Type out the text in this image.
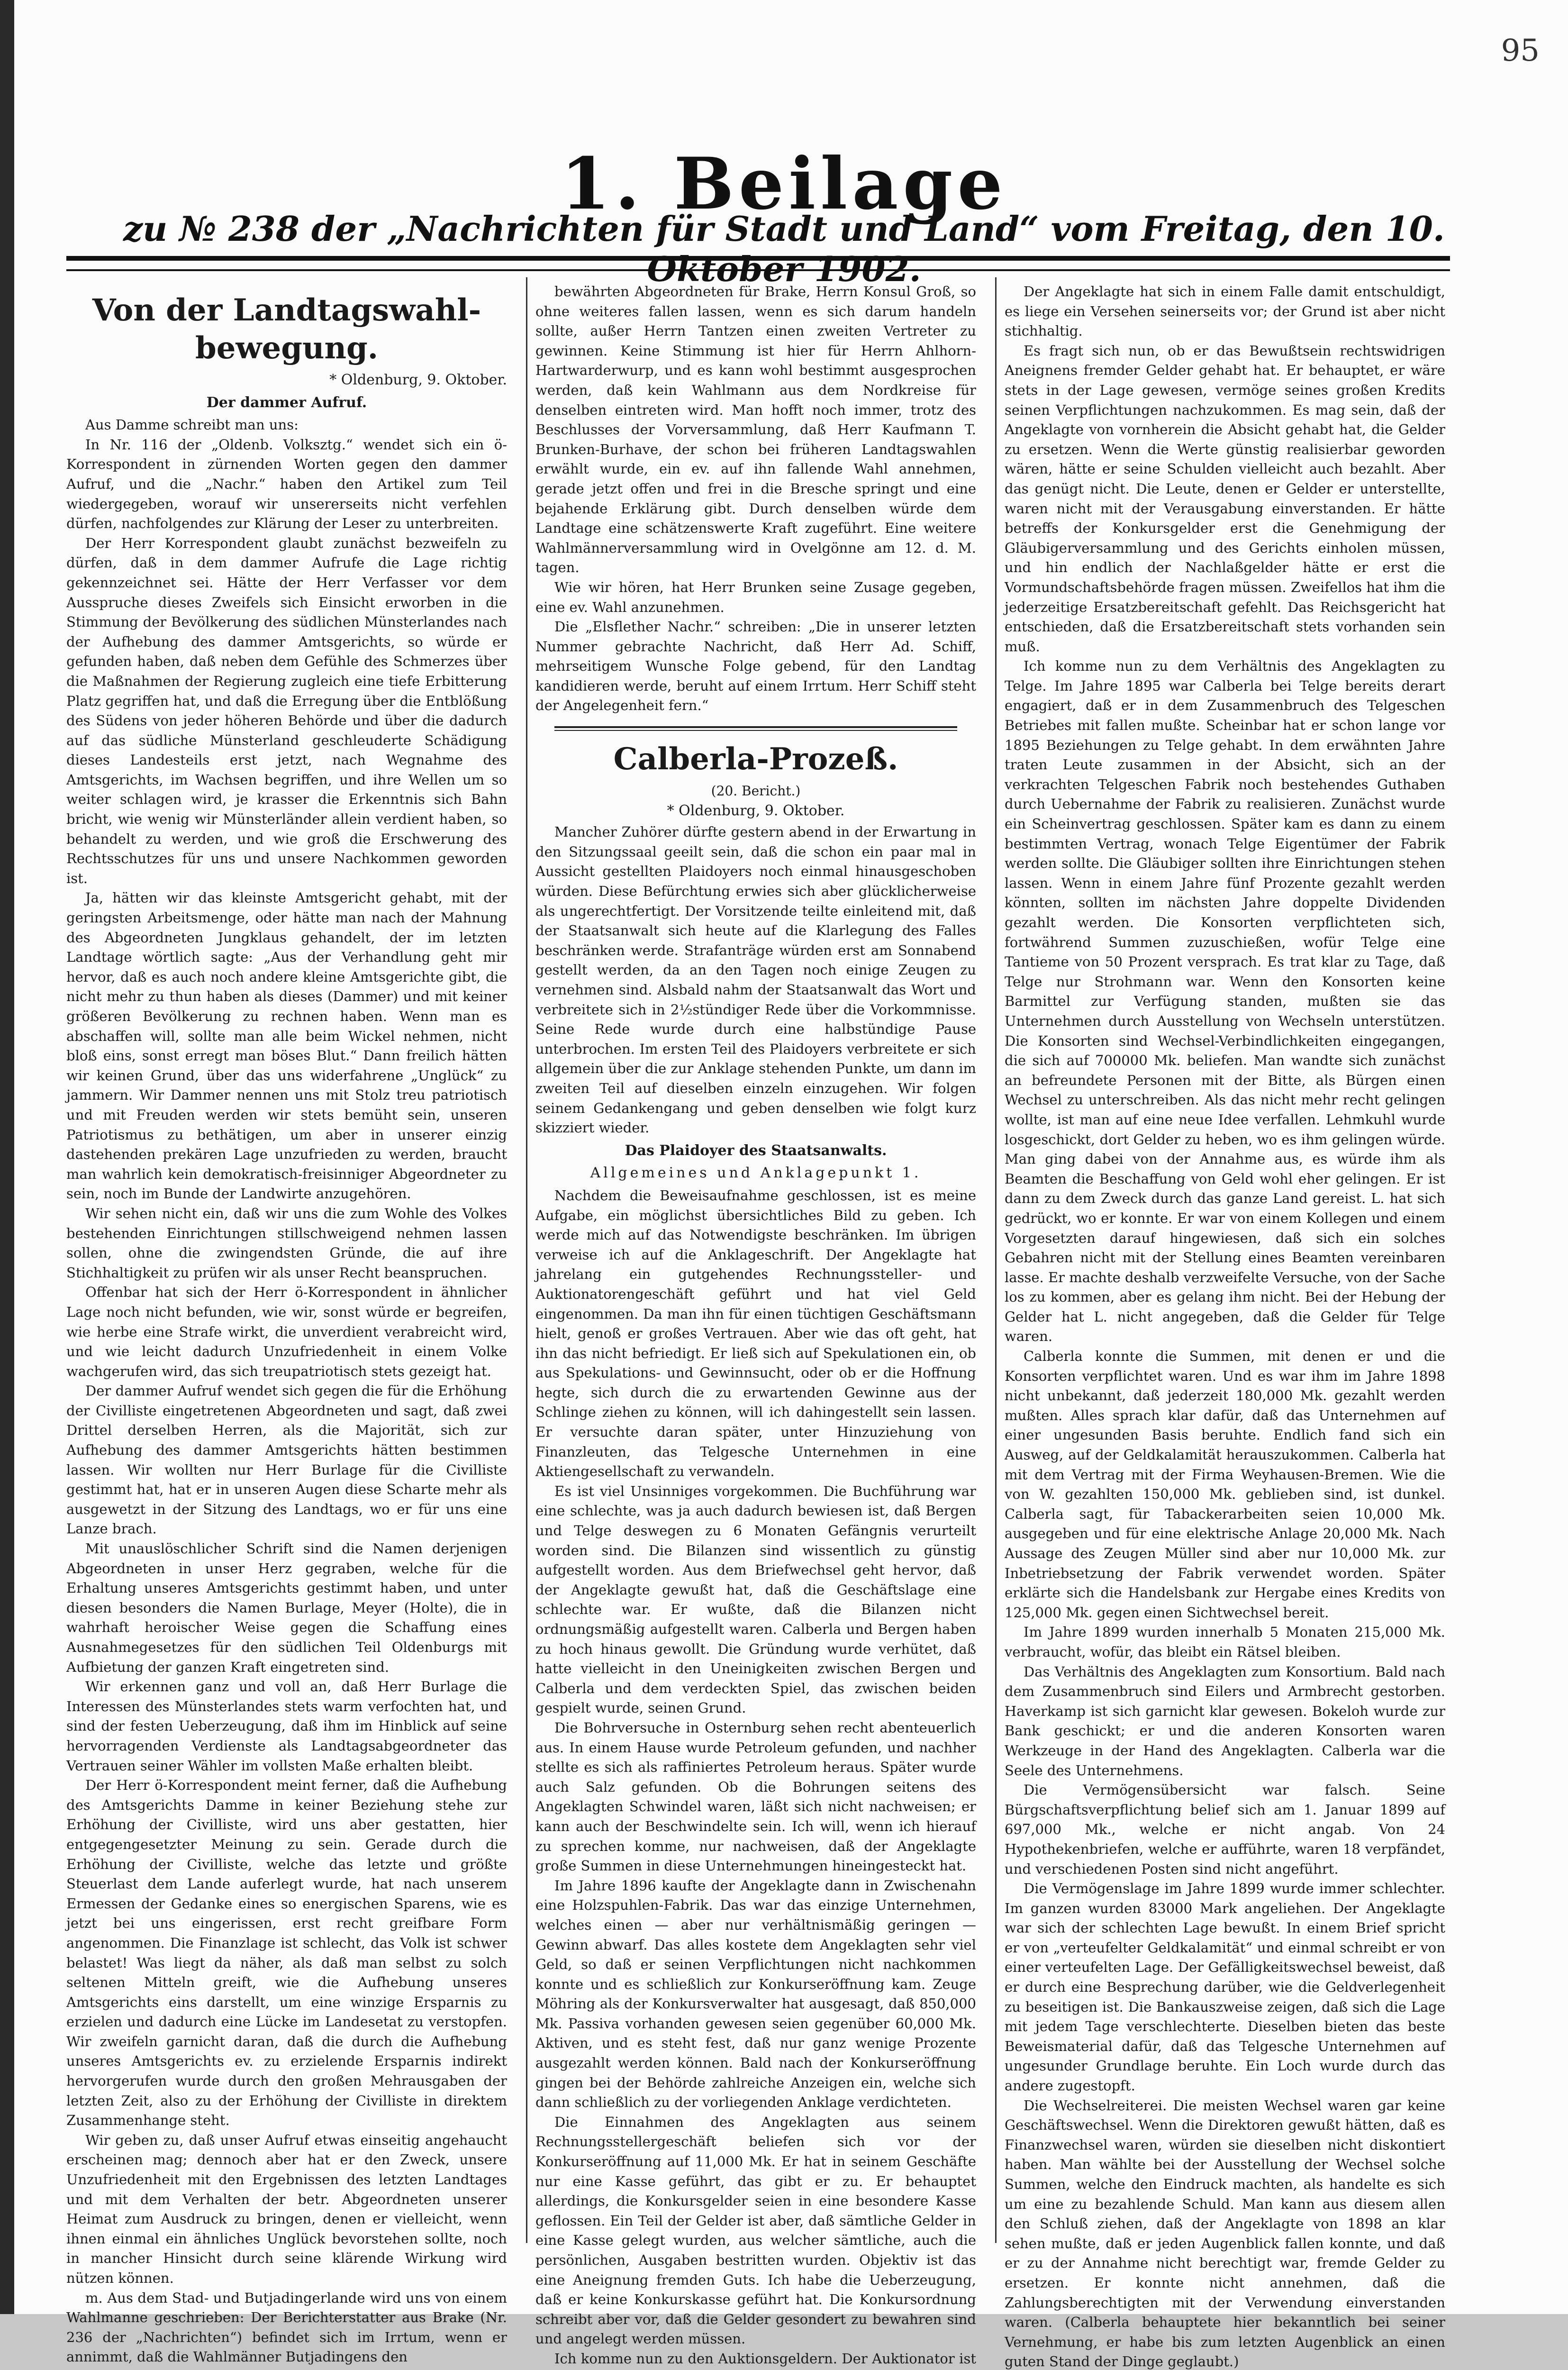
95
1. Beilage
zu № 238 der „Nachrichten für Stadt und Land“ vom Freitag, den 10. Oktober 1902.
Von der Landtagswahl-bewegung.
* Oldenburg, 9. Oktober.
Der dammer Aufruf.

Aus Damme schreibt man uns:

In Nr. 116 der „Oldenb. Volksztg.“ wendet sich ein ö-Korrespondent in zürnenden Worten gegen den dammer Aufruf, und die „Nachr.“ haben den Artikel zum Teil wiedergegeben, worauf wir unsererseits nicht verfehlen dürfen, nachfolgendes zur Klärung der Leser zu unterbreiten.

Der Herr Korrespondent glaubt zunächst bezweifeln zu dürfen, daß in dem dammer Aufrufe die Lage richtig gekennzeichnet sei. Hätte der Herr Verfasser vor dem Ausspruche dieses Zweifels sich Einsicht erworben in die Stimmung der Bevölkerung des südlichen Münsterlandes nach der Aufhebung des dammer Amtsgerichts, so würde er gefunden haben, daß neben dem Gefühle des Schmerzes über die Maßnahmen der Regierung zugleich eine tiefe Erbitterung Platz gegriffen hat, und daß die Erregung über die Entblößung des Südens von jeder höheren Behörde und über die dadurch auf das südliche Münsterland geschleuderte Schädigung dieses Landesteils erst jetzt, nach Wegnahme des Amtsgerichts, im Wachsen begriffen, und ihre Wellen um so weiter schlagen wird, je krasser die Erkenntnis sich Bahn bricht, wie wenig wir Münsterländer allein verdient haben, so behandelt zu werden, und wie groß die Erschwerung des Rechtsschutzes für uns und unsere Nachkommen geworden ist.

Ja, hätten wir das kleinste Amtsgericht gehabt, mit der geringsten Arbeitsmenge, oder hätte man nach der Mahnung des Abgeordneten Jungklaus gehandelt, der im letzten Landtage wörtlich sagte: „Aus der Verhandlung geht mir hervor, daß es auch noch andere kleine Amtsgerichte gibt, die nicht mehr zu thun haben als dieses (Dammer) und mit keiner größeren Bevölkerung zu rechnen haben. Wenn man es abschaffen will, sollte man alle beim Wickel nehmen, nicht bloß eins, sonst erregt man böses Blut.“ Dann freilich hätten wir keinen Grund, über das uns widerfahrene „Unglück“ zu jammern. Wir Dammer nennen uns mit Stolz treu patriotisch und mit Freuden werden wir stets bemüht sein, unseren Patriotismus zu bethätigen, um aber in unserer einzig dastehenden prekären Lage unzufrieden zu werden, braucht man wahrlich kein demokratisch-freisinniger Abgeordneter zu sein, noch im Bunde der Landwirte anzugehören.

Wir sehen nicht ein, daß wir uns die zum Wohle des Volkes bestehenden Einrichtungen stillschweigend nehmen lassen sollen, ohne die zwingendsten Gründe, die auf ihre Stichhaltigkeit zu prüfen wir als unser Recht beanspruchen.

Offenbar hat sich der Herr ö-Korrespondent in ähnlicher Lage noch nicht befunden, wie wir, sonst würde er begreifen, wie herbe eine Strafe wirkt, die unverdient verabreicht wird, und wie leicht dadurch Unzufriedenheit in einem Volke wachgerufen wird, das sich treupatriotisch stets gezeigt hat.

Der dammer Aufruf wendet sich gegen die für die Erhöhung der Civilliste eingetretenen Abgeordneten und sagt, daß zwei Drittel derselben Herren, als die Majorität, sich zur Aufhebung des dammer Amtsgerichts hätten bestimmen lassen. Wir wollten nur Herr Burlage für die Civilliste gestimmt hat, hat er in unseren Augen diese Scharte mehr als ausgewetzt in der Sitzung des Landtags, wo er für uns eine Lanze brach.

Mit unauslöschlicher Schrift sind die Namen derjenigen Abgeordneten in unser Herz gegraben, welche für die Erhaltung unseres Amtsgerichts gestimmt haben, und unter diesen besonders die Namen Burlage, Meyer (Holte), die in wahrhaft heroischer Weise gegen die Schaffung eines Ausnahmegesetzes für den südlichen Teil Oldenburgs mit Aufbietung der ganzen Kraft eingetreten sind.

Wir erkennen ganz und voll an, daß Herr Burlage die Interessen des Münsterlandes stets warm verfochten hat, und sind der festen Ueberzeugung, daß ihm im Hinblick auf seine hervorragenden Verdienste als Landtagsabgeordneter das Vertrauen seiner Wähler im vollsten Maße erhalten bleibt.

Der Herr ö-Korrespondent meint ferner, daß die Aufhebung des Amtsgerichts Damme in keiner Beziehung stehe zur Erhöhung der Civilliste, wird uns aber gestatten, hier entgegengesetzter Meinung zu sein. Gerade durch die Erhöhung der Civilliste, welche das letzte und größte Steuerlast dem Lande auferlegt wurde, hat nach unserem Ermessen der Gedanke eines so energischen Sparens, wie es jetzt bei uns eingerissen, erst recht greifbare Form angenommen. Die Finanzlage ist schlecht, das Volk ist schwer belastet! Was liegt da näher, als daß man selbst zu solch seltenen Mitteln greift, wie die Aufhebung unseres Amtsgerichts eins darstellt, um eine winzige Ersparnis zu erzielen und dadurch eine Lücke im Landesetat zu verstopfen. Wir zweifeln garnicht daran, daß die durch die Aufhebung unseres Amtsgerichts ev. zu erzielende Ersparnis indirekt hervorgerufen wurde durch den großen Mehrausgaben der letzten Zeit, also zu der Erhöhung der Civilliste in direktem Zusammenhange steht.

Wir geben zu, daß unser Aufruf etwas einseitig angehaucht erscheinen mag; dennoch aber hat er den Zweck, unsere Unzufriedenheit mit den Ergebnissen des letzten Landtages und mit dem Verhalten der betr. Abgeordneten unserer Heimat zum Ausdruck zu bringen, denen er vielleicht, wenn ihnen einmal ein ähnliches Unglück bevorstehen sollte, noch in mancher Hinsicht durch seine klärende Wirkung wird nützen können.

m. Aus dem Stad- und Butjadingerlande wird uns von einem Wahlmanne geschrieben: Der Berichterstatter aus Brake (Nr. 236 der „Nachrichten“) befindet sich im Irrtum, wenn er annimmt, daß die Wahlmänner Butjadingens den

bewährten Abgeordneten für Brake, Herrn Konsul Groß, so ohne weiteres fallen lassen, wenn es sich darum handeln sollte, außer Herrn Tantzen einen zweiten Vertreter zu gewinnen. Keine Stimmung ist hier für Herrn Ahlhorn-Hartwarderwurp, und es kann wohl bestimmt ausgesprochen werden, daß kein Wahlmann aus dem Nordkreise für denselben eintreten wird. Man hofft noch immer, trotz des Beschlusses der Vorversammlung, daß Herr Kaufmann T. Brunken-Burhave, der schon bei früheren Landtagswahlen erwählt wurde, ein ev. auf ihn fallende Wahl annehmen, gerade jetzt offen und frei in die Bresche springt und eine bejahende Erklärung gibt. Durch denselben würde dem Landtage eine schätzenswerte Kraft zugeführt. Eine weitere Wahlmännerversammlung wird in Ovelgönne am 12. d. M. tagen.

Wie wir hören, hat Herr Brunken seine Zusage gegeben, eine ev. Wahl anzunehmen.

Die „Elsflether Nachr.“ schreiben: „Die in unserer letzten Nummer gebrachte Nachricht, daß Herr Ad. Schiff, mehrseitigem Wunsche Folge gebend, für den Landtag kandidieren werde, beruht auf einem Irrtum. Herr Schiff steht der Angelegenheit fern.“

Calberla-Prozeß.
(20. Bericht.)
* Oldenburg, 9. Oktober.

Mancher Zuhörer dürfte gestern abend in der Erwartung in den Sitzungssaal geeilt sein, daß die schon ein paar mal in Aussicht gestellten Plaidoyers noch einmal hinausgeschoben würden. Diese Befürchtung erwies sich aber glücklicherweise als ungerechtfertigt. Der Vorsitzende teilte einleitend mit, daß der Staatsanwalt sich heute auf die Klarlegung des Falles beschränken werde. Strafanträge würden erst am Sonnabend gestellt werden, da an den Tagen noch einige Zeugen zu vernehmen sind. Alsbald nahm der Staatsanwalt das Wort und verbreitete sich in 2½stündiger Rede über die Vorkommnisse. Seine Rede wurde durch eine halbstündige Pause unterbrochen. Im ersten Teil des Plaidoyers verbreitete er sich allgemein über die zur Anklage stehenden Punkte, um dann im zweiten Teil auf dieselben einzeln einzugehen. Wir folgen seinem Gedankengang und geben denselben wie folgt kurz skizziert wieder.

Das Plaidoyer des Staatsanwalts.
Allgemeines und Anklagepunkt 1.

Nachdem die Beweisaufnahme geschlossen, ist es meine Aufgabe, ein möglichst übersichtliches Bild zu geben. Ich werde mich auf das Notwendigste beschränken. Im übrigen verweise ich auf die Anklageschrift. Der Angeklagte hat jahrelang ein gutgehendes Rechnungssteller- und Auktionatorengeschäft geführt und hat viel Geld eingenommen. Da man ihn für einen tüchtigen Geschäftsmann hielt, genoß er großes Vertrauen. Aber wie das oft geht, hat ihn das nicht befriedigt. Er ließ sich auf Spekulationen ein, ob aus Spekulations- und Gewinnsucht, oder ob er die Hoffnung hegte, sich durch die zu erwartenden Gewinne aus der Schlinge ziehen zu können, will ich dahingestellt sein lassen. Er versuchte daran später, unter Hinzuziehung von Finanzleuten, das Telgesche Unternehmen in eine Aktiengesellschaft zu verwandeln.

Es ist viel Unsinniges vorgekommen. Die Buchführung war eine schlechte, was ja auch dadurch bewiesen ist, daß Bergen und Telge deswegen zu 6 Monaten Gefängnis verurteilt worden sind. Die Bilanzen sind wissentlich zu günstig aufgestellt worden. Aus dem Briefwechsel geht hervor, daß der Angeklagte gewußt hat, daß die Geschäftslage eine schlechte war. Er wußte, daß die Bilanzen nicht ordnungsmäßig aufgestellt waren. Calberla und Bergen haben zu hoch hinaus gewollt. Die Gründung wurde verhütet, daß hatte vielleicht in den Uneinigkeiten zwischen Bergen und Calberla und dem verdeckten Spiel, das zwischen beiden gespielt wurde, seinen Grund.

Die Bohrversuche in Osternburg sehen recht abenteuerlich aus. In einem Hause wurde Petroleum gefunden, und nachher stellte es sich als raffiniertes Petroleum heraus. Später wurde auch Salz gefunden. Ob die Bohrungen seitens des Angeklagten Schwindel waren, läßt sich nicht nachweisen; er kann auch der Beschwindelte sein. Ich will, wenn ich hierauf zu sprechen komme, nur nachweisen, daß der Angeklagte große Summen in diese Unternehmungen hineingesteckt hat.

Im Jahre 1896 kaufte der Angeklagte dann in Zwischenahn eine Holzspuhlen-Fabrik. Das war das einzige Unternehmen, welches einen — aber nur verhältnismäßig geringen — Gewinn abwarf. Das alles kostete dem Angeklagten sehr viel Geld, so daß er seinen Verpflichtungen nicht nachkommen konnte und es schließlich zur Konkurseröffnung kam. Zeuge Möhring als der Konkursverwalter hat ausgesagt, daß 850,000 Mk. Passiva vorhanden gewesen seien gegenüber 60,000 Mk. Aktiven, und es steht fest, daß nur ganz wenige Prozente ausgezahlt werden können. Bald nach der Konkurseröffnung gingen bei der Behörde zahlreiche Anzeigen ein, welche sich dann schließlich zu der vorliegenden Anklage verdichteten.

Die Einnahmen des Angeklagten aus seinem Rechnungsstellergeschäft beliefen sich vor der Konkurseröffnung auf 11,000 Mk. Er hat in seinem Geschäfte nur eine Kasse geführt, das gibt er zu. Er behauptet allerdings, die Konkursgelder seien in eine besondere Kasse geflossen. Ein Teil der Gelder ist aber, daß sämtliche Gelder in eine Kasse gelegt wurden, aus welcher sämtliche, auch die persönlichen, Ausgaben bestritten wurden. Objektiv ist das eine Aneignung fremden Guts. Ich habe die Ueberzeugung, daß er keine Konkurskasse geführt hat. Die Konkursordnung schreibt aber vor, daß die Gelder gesondert zu bewahren sind und angelegt werden müssen.

Ich komme nun zu den Auktionsgeldern. Der Auktionator ist

Der Angeklagte hat sich in einem Falle damit entschuldigt, es liege ein Versehen seinerseits vor; der Grund ist aber nicht stichhaltig.

Es fragt sich nun, ob er das Bewußtsein rechtswidrigen Aneignens fremder Gelder gehabt hat. Er behauptet, er wäre stets in der Lage gewesen, vermöge seines großen Kredits seinen Verpflichtungen nachzukommen. Es mag sein, daß der Angeklagte von vornherein die Absicht gehabt hat, die Gelder zu ersetzen. Wenn die Werte günstig realisierbar geworden wären, hätte er seine Schulden vielleicht auch bezahlt. Aber das genügt nicht. Die Leute, denen er Gelder er unterstellte, waren nicht mit der Verausgabung einverstanden. Er hätte betreffs der Konkursgelder erst die Genehmigung der Gläubigerversammlung und des Gerichts einholen müssen, und hin endlich der Nachlaßgelder hätte er erst die Vormundschaftsbehörde fragen müssen. Zweifellos hat ihm die jederzeitige Ersatzbereitschaft gefehlt. Das Reichsgericht hat entschieden, daß die Ersatzbereitschaft stets vorhanden sein muß.

Ich komme nun zu dem Verhältnis des Angeklagten zu Telge. Im Jahre 1895 war Calberla bei Telge bereits derart engagiert, daß er in dem Zusammenbruch des Telgeschen Betriebes mit fallen mußte. Scheinbar hat er schon lange vor 1895 Beziehungen zu Telge gehabt. In dem erwähnten Jahre traten Leute zusammen in der Absicht, sich an der verkrachten Telgeschen Fabrik noch bestehendes Guthaben durch Uebernahme der Fabrik zu realisieren. Zunächst wurde ein Scheinvertrag geschlossen. Später kam es dann zu einem bestimmten Vertrag, wonach Telge Eigentümer der Fabrik werden sollte. Die Gläubiger sollten ihre Einrichtungen stehen lassen. Wenn in einem Jahre fünf Prozente gezahlt werden könnten, sollten im nächsten Jahre doppelte Dividenden gezahlt werden. Die Konsorten verpflichteten sich, fortwährend Summen zuzuschießen, wofür Telge eine Tantieme von 50 Prozent versprach. Es trat klar zu Tage, daß Telge nur Strohmann war. Wenn den Konsorten keine Barmittel zur Verfügung standen, mußten sie das Unternehmen durch Ausstellung von Wechseln unterstützen. Die Konsorten sind Wechsel-Verbindlichkeiten eingegangen, die sich auf 700000 Mk. beliefen. Man wandte sich zunächst an befreundete Personen mit der Bitte, als Bürgen einen Wechsel zu unterschreiben. Als das nicht mehr recht gelingen wollte, ist man auf eine neue Idee verfallen. Lehmkuhl wurde losgeschickt, dort Gelder zu heben, wo es ihm gelingen würde. Man ging dabei von der Annahme aus, es würde ihm als Beamten die Beschaffung von Geld wohl eher gelingen. Er ist dann zu dem Zweck durch das ganze Land gereist. L. hat sich gedrückt, wo er konnte. Er war von einem Kollegen und einem Vorgesetzten darauf hingewiesen, daß sich ein solches Gebahren nicht mit der Stellung eines Beamten vereinbaren lasse. Er machte deshalb verzweifelte Versuche, von der Sache los zu kommen, aber es gelang ihm nicht. Bei der Hebung der Gelder hat L. nicht angegeben, daß die Gelder für Telge waren.

Calberla konnte die Summen, mit denen er und die Konsorten verpflichtet waren. Und es war ihm im Jahre 1898 nicht unbekannt, daß jederzeit 180,000 Mk. gezahlt werden mußten. Alles sprach klar dafür, daß das Unternehmen auf einer ungesunden Basis beruhte. Endlich fand sich ein Ausweg, auf der Geldkalamität herauszukommen. Calberla hat mit dem Vertrag mit der Firma Weyhausen-Bremen. Wie die von W. gezahlten 150,000 Mk. geblieben sind, ist dunkel. Calberla sagt, für Tabackerarbeiten seien 10,000 Mk. ausgegeben und für eine elektrische Anlage 20,000 Mk. Nach Aussage des Zeugen Müller sind aber nur 10,000 Mk. zur Inbetriebsetzung der Fabrik verwendet worden. Später erklärte sich die Handelsbank zur Hergabe eines Kredits von 125,000 Mk. gegen einen Sichtwechsel bereit.

Im Jahre 1899 wurden innerhalb 5 Monaten 215,000 Mk. verbraucht, wofür, das bleibt ein Rätsel bleiben.

Das Verhältnis des Angeklagten zum Konsortium. Bald nach dem Zusammenbruch sind Eilers und Armbrecht gestorben. Haverkamp ist sich garnicht klar gewesen. Bokeloh wurde zur Bank geschickt; er und die anderen Konsorten waren Werkzeuge in der Hand des Angeklagten. Calberla war die Seele des Unternehmens.

Die Vermögensübersicht war falsch. Seine Bürgschaftsverpflichtung belief sich am 1. Januar 1899 auf 697,000 Mk., welche er nicht angab. Von 24 Hypothekenbriefen, welche er aufführte, waren 18 verpfändet, und verschiedenen Posten sind nicht angeführt.

Die Vermögenslage im Jahre 1899 wurde immer schlechter. Im ganzen wurden 83000 Mark angeliehen. Der Angeklagte war sich der schlechten Lage bewußt. In einem Brief spricht er von „verteufelter Geldkalamität“ und einmal schreibt er von einer verteufelten Lage. Der Gefälligkeitswechsel beweist, daß er durch eine Besprechung darüber, wie die Geldverlegenheit zu beseitigen ist. Die Bankauszweise zeigen, daß sich die Lage mit jedem Tage verschlechterte. Dieselben bieten das beste Beweismaterial dafür, daß das Telgesche Unternehmen auf ungesunder Grundlage beruhte. Ein Loch wurde durch das andere zugestopft.

Die Wechselreiterei. Die meisten Wechsel waren gar keine Geschäftswechsel. Wenn die Direktoren gewußt hätten, daß es Finanzwechsel waren, würden sie dieselben nicht diskontiert haben. Man wählte bei der Ausstellung der Wechsel solche Summen, welche den Eindruck machten, als handelte es sich um eine zu bezahlende Schuld. Man kann aus diesem allen den Schluß ziehen, daß der Angeklagte von 1898 an klar sehen mußte, daß er jeden Augenblick fallen konnte, und daß er zu der Annahme nicht berechtigt war, fremde Gelder zu ersetzen. Er konnte nicht annehmen, daß die Zahlungsberechtigten mit der Verwendung einverstanden waren. (Calberla behauptete hier bekanntlich bei seiner Vernehmung, er habe bis zum letzten Augenblick an einen guten Stand der Dinge geglaubt.)
